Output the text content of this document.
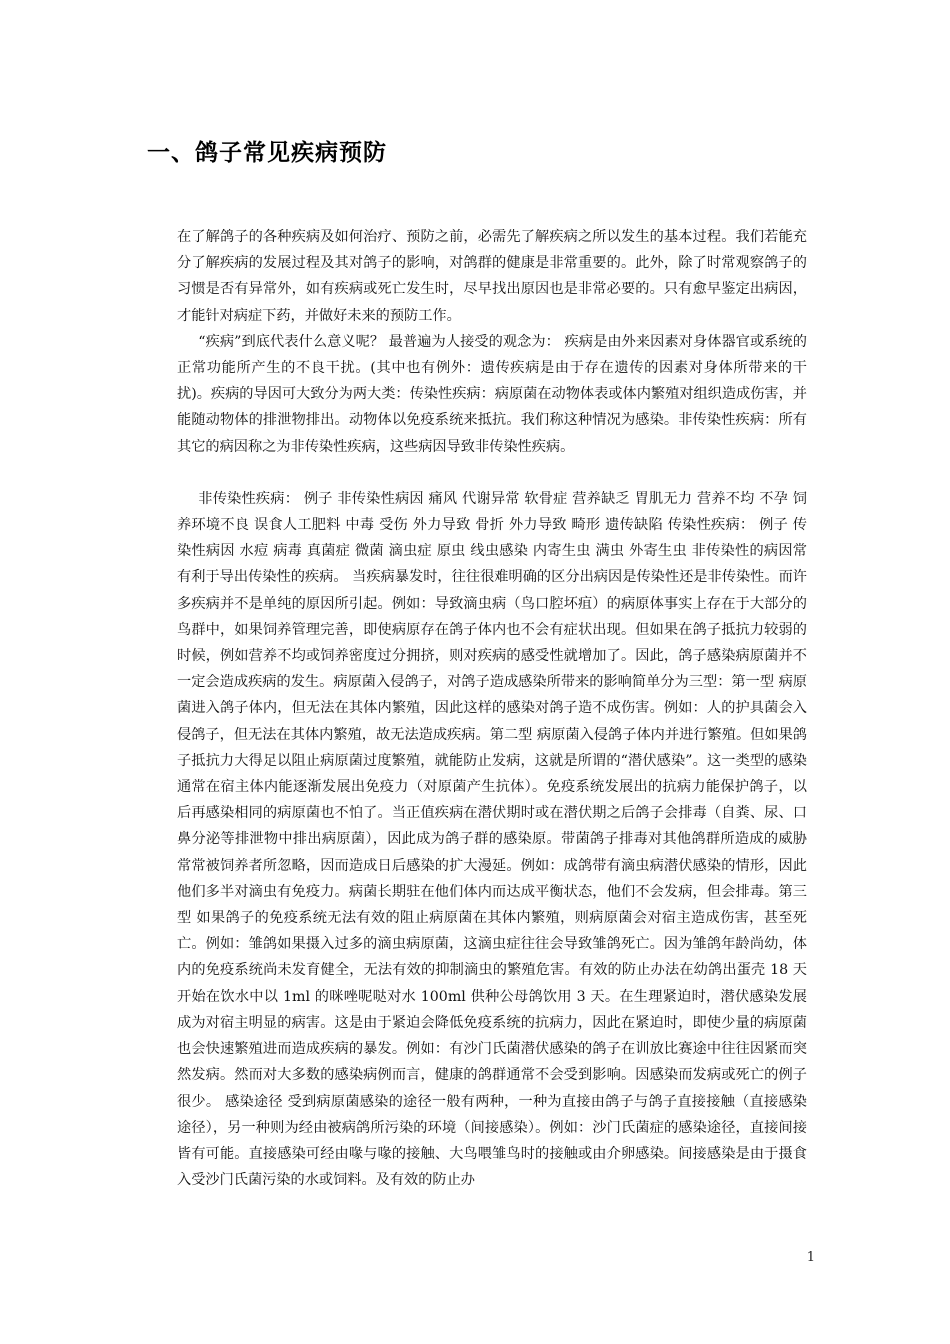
一、鸽子常见疾病预防

在了解鸽子的各种疾病及如何治疗、预防之前，必需先了解疾病之所以发生的基本过程。我们若能充分了解疾病的发展过程及其对鸽子的影响，对鸽群的健康是非常重要的。此外，除了时常观察鸽子的习惯是否有异常外，如有疾病或死亡发生时，尽早找出原因也是非常必要的。只有愈早鉴定出病因，才能针对病症下药，并做好未来的预防工作。

“疾病”到底代表什么意义呢？ 最普遍为人接受的观念为： 疾病是由外来因素对身体器官或系统的正常功能所产生的不良干扰。(其中也有例外：遗传疾病是由于存在遗传的因素对身体所带来的干扰)。疾病的导因可大致分为两大类：传染性疾病：病原菌在动物体表或体内繁殖对组织造成伤害，并能随动物体的排泄物排出。动物体以免疫系统来抵抗。我们称这种情况为感染。非传染性疾病：所有其它的病因称之为非传染性疾病，这些病因导致非传染性疾病。

非传染性疾病： 例子 非传染性病因 痛风 代谢异常 软骨症 营养缺乏 胃肌无力 营养不均 不孕 饲养环境不良 误食人工肥料 中毒 受伤 外力导致 骨折 外力导致 畸形 遗传缺陷 传染性疾病： 例子 传染性病因 水痘 病毒 真菌症 微菌 滴虫症 原虫 线虫感染 内寄生虫 满虫 外寄生虫 非传染性的病因常有利于导出传染性的疾病。 当疾病暴发时，往往很难明确的区分出病因是传染性还是非传染性。而许多疾病并不是单纯的原因所引起。例如：导致滴虫病（鸟口腔坏疽）的病原体事实上存在于大部分的鸟群中，如果饲养管理完善，即使病原存在鸽子体内也不会有症状出现。但如果在鸽子抵抗力较弱的时候，例如营养不均或饲养密度过分拥挤，则对疾病的感受性就增加了。因此，鸽子感染病原菌并不一定会造成疾病的发生。病原菌入侵鸽子，对鸽子造成感染所带来的影响简单分为三型：第一型 病原菌进入鸽子体内，但无法在其体内繁殖，因此这样的感染对鸽子造不成伤害。例如：人的护具菌会入侵鸽子，但无法在其体内繁殖，故无法造成疾病。第二型 病原菌入侵鸽子体内并进行繁殖。但如果鸽子抵抗力大得足以阻止病原菌过度繁殖，就能防止发病，这就是所谓的“潜伏感染”。这一类型的感染通常在宿主体内能逐渐发展出免疫力（对原菌产生抗体）。免疫系统发展出的抗病力能保护鸽子，以后再感染相同的病原菌也不怕了。当正值疾病在潜伏期时或在潜伏期之后鸽子会排毒（自粪、尿、口鼻分泌等排泄物中排出病原菌），因此成为鸽子群的感染原。带菌鸽子排毒对其他鸽群所造成的威胁常常被饲养者所忽略，因而造成日后感染的扩大漫延。例如：成鸽带有滴虫病潜伏感染的情形，因此他们多半对滴虫有免疫力。病菌长期驻在他们体内而达成平衡状态，他们不会发病，但会排毒。第三型 如果鸽子的免疫系统无法有效的阻止病原菌在其体内繁殖，则病原菌会对宿主造成伤害，甚至死亡。例如：雏鸽如果摄入过多的滴虫病原菌，这滴虫症往往会导致雏鸽死亡。因为雏鸽年龄尚幼，体内的免疫系统尚未发育健全，无法有效的抑制滴虫的繁殖危害。有效的防止办法在幼鸽出蛋壳 18 天开始在饮水中以 1ml 的咪唑呢哒对水 100ml 供种公母鸽饮用 3 天。在生理紧迫时，潜伏感染发展成为对宿主明显的病害。这是由于紧迫会降低免疫系统的抗病力，因此在紧迫时，即使少量的病原菌也会快速繁殖进而造成疾病的暴发。例如：有沙门氏菌潜伏感染的鸽子在训放比赛途中往往因紧而突然发病。然而对大多数的感染病例而言，健康的鸽群通常不会受到影响。因感染而发病或死亡的例子很少。 感染途径 受到病原菌感染的途径一般有两种，一种为直接由鸽子与鸽子直接接触（直接感染途径），另一种则为经由被病鸽所污染的环境（间接感染）。例如：沙门氏菌症的感染途径，直接间接皆有可能。直接感染可经由喙与喙的接触、大鸟喂雏鸟时的接触或由介卵感染。间接感染是由于摄食入受沙门氏菌污染的水或饲料。及有效的防止办

1
